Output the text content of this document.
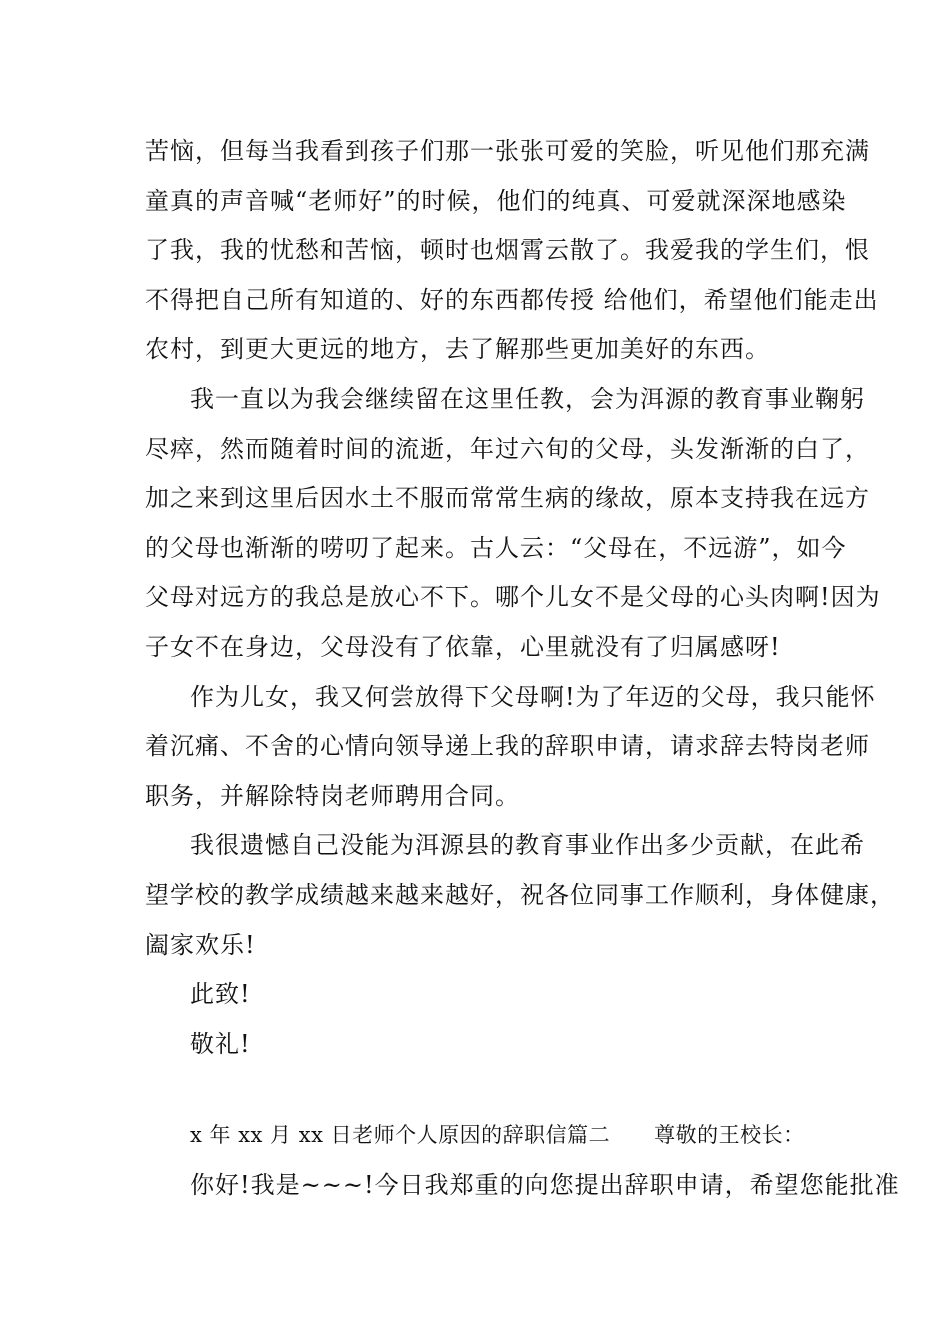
苦恼，但每当我看到孩子们那一张张可爱的笑脸，听见他们那充满
童真的声音喊“老师好”的时候，他们的纯真、可爱就深深地感染
了我，我的忧愁和苦恼，顿时也烟霄云散了。我爱我的学生们，恨
不得把自己所有知道的、好的东西都传授 给他们，希望他们能走出
农村，到更大更远的地方，去了解那些更加美好的东西。
我一直以为我会继续留在这里任教，会为洱源的教育事业鞠躬
尽瘁，然而随着时间的流逝，年过六旬的父母，头发渐渐的白了，
加之来到这里后因水土不服而常常生病的缘故，原本支持我在远方
的父母也渐渐的唠叨了起来。古人云：“父母在，不远游”，如今
父母对远方的我总是放心不下。哪个儿女不是父母的心头肉啊!因为
子女不在身边，父母没有了依靠，心里就没有了归属感呀!
作为儿女，我又何尝放得下父母啊!为了年迈的父母，我只能怀
着沉痛、不舍的心情向领导递上我的辞职申请，请求辞去特岗老师
职务，并解除特岗老师聘用合同。
我很遗憾自己没能为洱源县的教育事业作出多少贡献，在此希
望学校的教学成绩越来越来越好，祝各位同事工作顺利，身体健康，
阖家欢乐!
此致!
敬礼!
x 年 xx 月 xx 日老师个人原因的辞职信篇二 尊敬的王校长：
你好!我是~~~!今日我郑重的向您提出辞职申请，希望您能批准
